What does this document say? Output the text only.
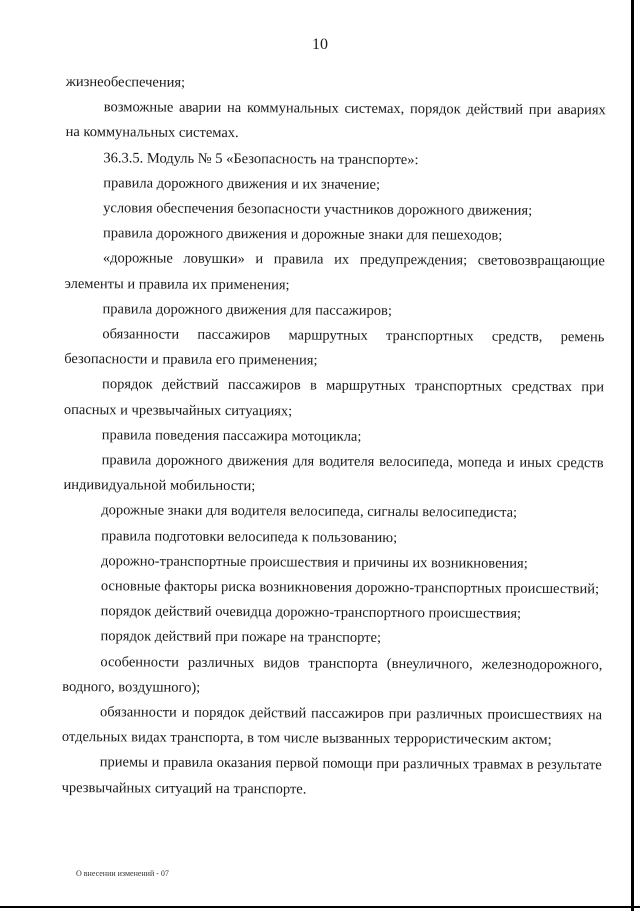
10

жизнеобеспечения;

возможные аварии на коммунальных системах, порядок действий при авариях на коммунальных системах.

36.3.5. Модуль № 5 «Безопасность на транспорте»:

правила дорожного движения и их значение;

условия обеспечения безопасности участников дорожного движения;

правила дорожного движения и дорожные знаки для пешеходов;

«дорожные ловушки» и правила их предупреждения; световозвращающие элементы и правила их применения;

правила дорожного движения для пассажиров;

обязанности пассажиров маршрутных транспортных средств, ремень безопасности и правила его применения;

порядок действий пассажиров в маршрутных транспортных средствах при опасных и чрезвычайных ситуациях;

правила поведения пассажира мотоцикла;

правила дорожного движения для водителя велосипеда, мопеда и иных средств индивидуальной мобильности;

дорожные знаки для водителя велосипеда, сигналы велосипедиста;

правила подготовки велосипеда к пользованию;

дорожно-транспортные происшествия и причины их возникновения;

основные факторы риска возникновения дорожно-транспортных происшествий;

порядок действий очевидца дорожно-транспортного происшествия;

порядок действий при пожаре на транспорте;

особенности различных видов транспорта (внеуличного, железнодорожного, водного, воздушного);

обязанности и порядок действий пассажиров при различных происшествиях на отдельных видах транспорта, в том числе вызванных террористическим актом;

приемы и правила оказания первой помощи при различных травмах в результате чрезвычайных ситуаций на транспорте.

О внесении изменений - 07
